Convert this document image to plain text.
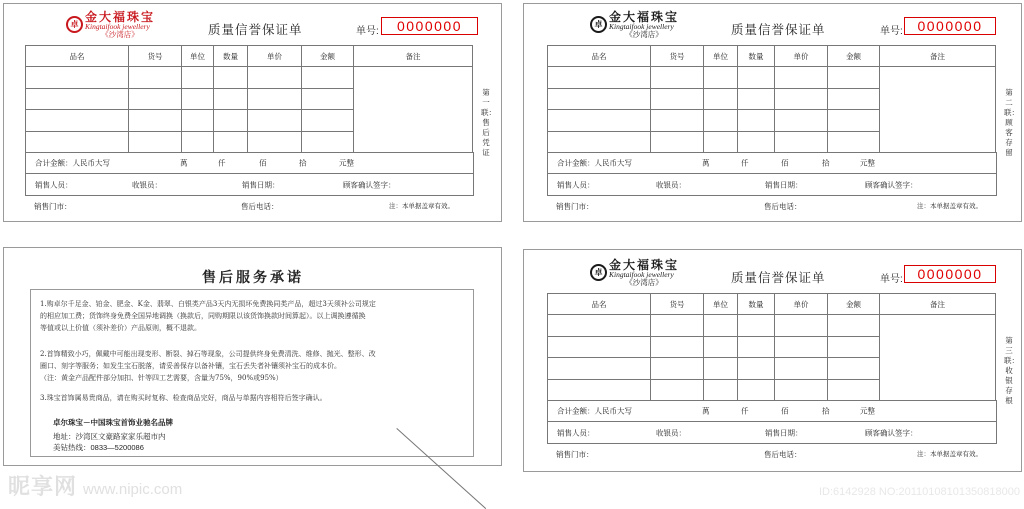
卓
金大福珠宝
Kingtaifook jewellery
《沙湾店》	质量信誉保证单	单号:	0000000
品名	货号	单位	数量	单价	金额	备注

合计金额：人民币大写	萬	仟	佰	拾	元整
销售人员：	收银员：	销售日期：	顾客确认签字：
销售门市：	售后电话：	注：本单据盖章有效。
第一联：售后凭证
卓
金大福珠宝
Kingtaifook jewellery
《沙湾店》	质量信誉保证单	单号:	0000000
品名	货号	单位	数量	单价	金额	备注

合计金额：人民币大写	萬	仟	佰	拾	元整
销售人员：	收银员：	销售日期：	顾客确认签字：
销售门市：	售后电话：	注：本单据盖章有效。
第二联：顾客存留
售后服务承诺
1.购卓尔千足金、铂金、肥金、K金、翡翠、白银类产品3天内无损坏免费换同类产品，超过3天须补公司规定
的相应加工费；货饰终身免费全国异地调换（换款后，同购期限以该货饰换款时间算起）。以上调换遵循换
等值或以上价值（须补差价）产品原则，概不退款。
2.首饰精致小巧，佩戴中可能出现变形、断裂、掉石等现象，公司提供终身免费清洗、维修、抛光、整形、改
圈口、刻字等服务；如发生宝石脱落，请妥善保存以备补镶，宝石丢失者补镶须补宝石的成本价。
（注：黄金产品配件部分加扣、针等四工艺需要，含量为75%，90%或95%）
3.珠宝首饰属易贵商品，请在购买时复称、检查商品完好，商品与单据内容相符后签字确认。
卓尔珠宝－中国珠宝首饰业驰名品牌
地址：沙湾区文豪路家家乐超市内
美钻热线：0833—5200086
卓
金大福珠宝
Kingtaifook jewellery
《沙湾店》	质量信誉保证单	单号:	0000000
品名	货号	单位	数量	单价	金额	备注

合计金额：人民币大写	萬	仟	佰	拾	元整
销售人员：	收银员：	销售日期：	顾客确认签字：
销售门市：	售后电话：	注：本单据盖章有效。
第三联：收银存根
昵享网 www.nipic.com	ID:6142928 NO:20110108101350818000
